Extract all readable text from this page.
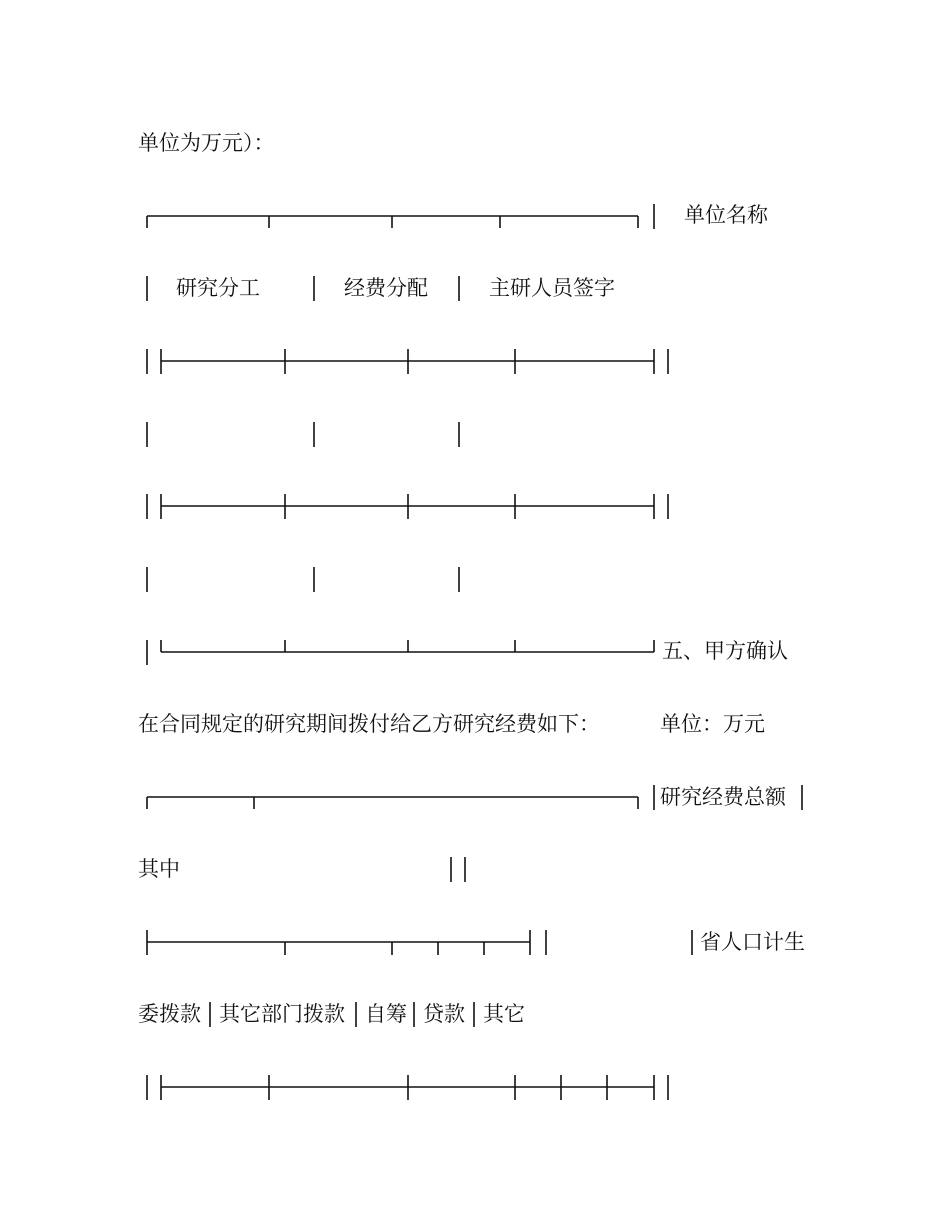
单位为万元）：
单位名称
研究分工	经费分配	主研人员签字
五、甲方确认
在合同规定的研究期间拨付给乙方研究经费如下：	单位：万元
研究经费总额
其中
省人口计生
委拨款 其它部门拨款 自筹 贷款 其它
